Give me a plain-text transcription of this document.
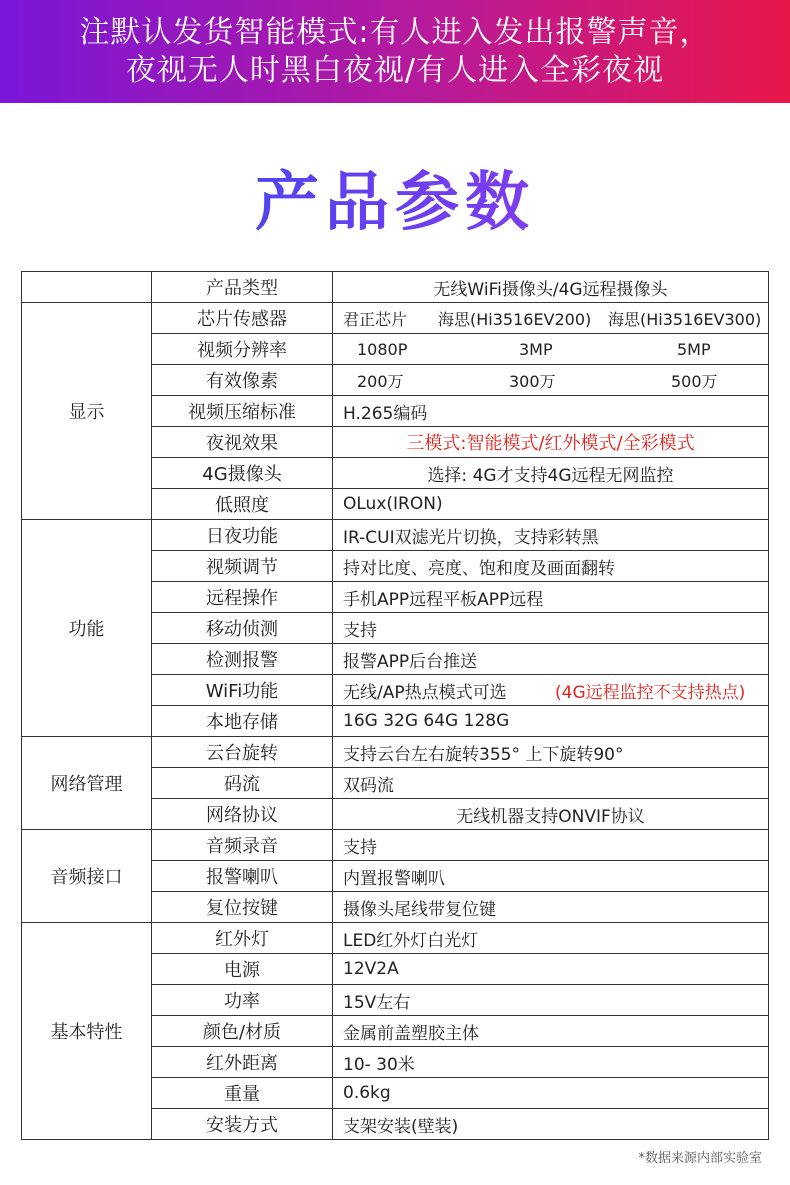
注默认发货智能模式:有人进入发出报警声音，
夜视无人时黑白夜视/有人进入全彩夜视
产品参数
	产品类型	无线WiFi摄像头/4G远程摄像头
显示	芯片传感器	君正芯片 海思(Hi3516EV200) 海思(Hi3516EV300)

	视频分辨率	1080P 3MP 5MP

	有效像素	200万 300万 500万

	视频压缩标准	H.265编码
	夜视效果	三模式:智能模式/红外模式/全彩模式
	4G摄像头	选择: 4G才支持4G远程无网监控
	低照度	OLux(IRON)
功能	日夜功能	IR-CUI双滤光片切换，支持彩转黑
	视频调节	持对比度、亮度、饱和度及画面翻转
	远程操作	手机APP远程平板APP远程
	移动侦测	支持
	检测报警	报警APP后台推送
	WiFi功能	无线/AP热点模式可选 (4G远程监控不支持热点)
	本地存储	16G 32G 64G 128G
网络管理	云台旋转	支持云台左右旋转355° 上下旋转90°
	码流	双码流
	网络协议	无线机器支持ONVIF协议
音频接口	音频录音	支持
	报警喇叭	内置报警喇叭
	复位按键	摄像头尾线带复位键
基本特性	红外灯	LED红外灯白光灯
	电源	12V2A
	功率	15V左右
	颜色/材质	金属前盖塑胶主体
	红外距离	10- 30米
	重量	0.6kg
	安装方式	支架安装(壁装)
*数据来源内部实验室
